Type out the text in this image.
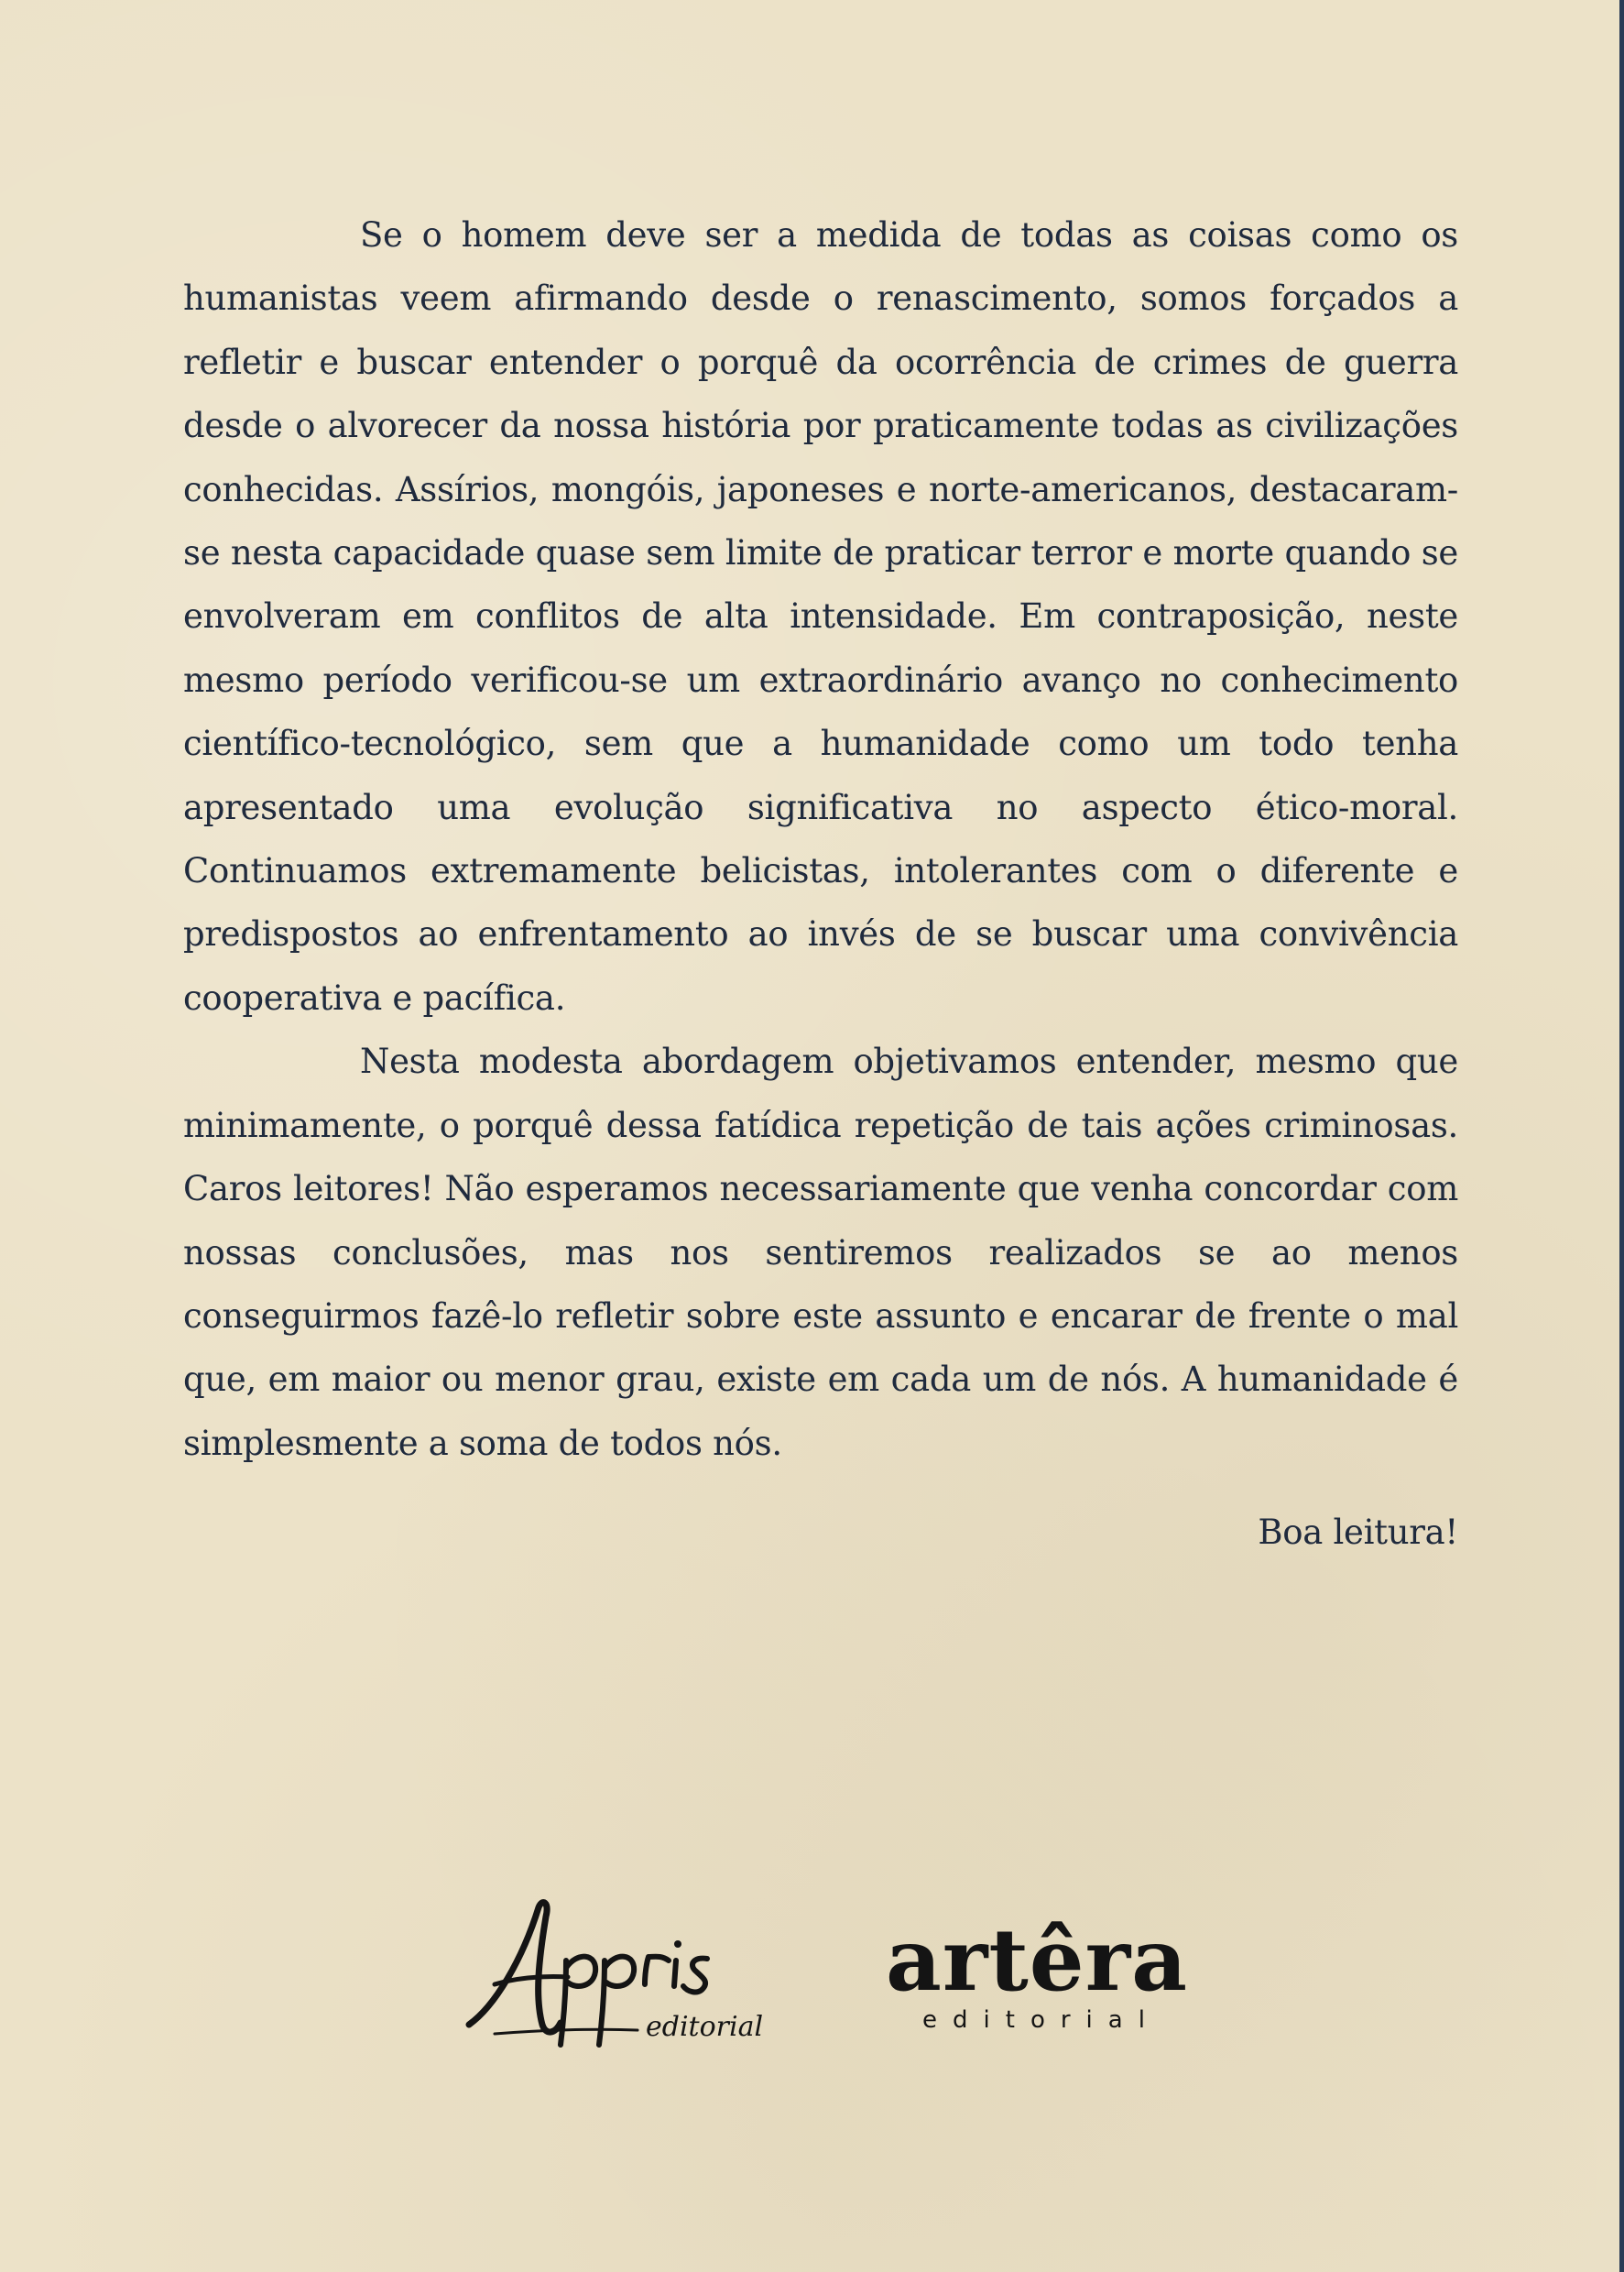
Se o homem deve ser a medida de todas as coisas como os humanistas veem afirmando desde o renascimento, somos forçados a refletir e buscar entender o porquê da ocorrência de crimes de guerra desde o alvorecer da nossa história por praticamente todas as civilizações conhecidas. Assírios, mongóis, japoneses e norte-americanos, destacaram-se nesta capacidade quase sem limite de praticar terror e morte quando se envolveram em conflitos de alta intensidade. Em contraposição, neste mesmo período verificou-se um extraordinário avanço no conhecimento científico-tecnológico, sem que a humanidade como um todo tenha apresentado uma evolução significativa no aspecto ético-moral. Continuamos extremamente belicistas, intolerantes com o diferente e predispostos ao enfrentamento ao invés de se buscar uma convivência cooperativa e pacífica.

Nesta modesta abordagem objetivamos entender, mesmo que minimamente, o porquê dessa fatídica repetição de tais ações criminosas. Caros leitores! Não esperamos necessariamente que venha concordar com nossas conclusões, mas nos sentiremos realizados se ao menos conseguirmos fazê-lo refletir sobre este assunto e encarar de frente o mal que, em maior ou menor grau, existe em cada um de nós. A humanidade é simplesmente a soma de todos nós.

Boa leitura!
editorial
artêra
editorial
